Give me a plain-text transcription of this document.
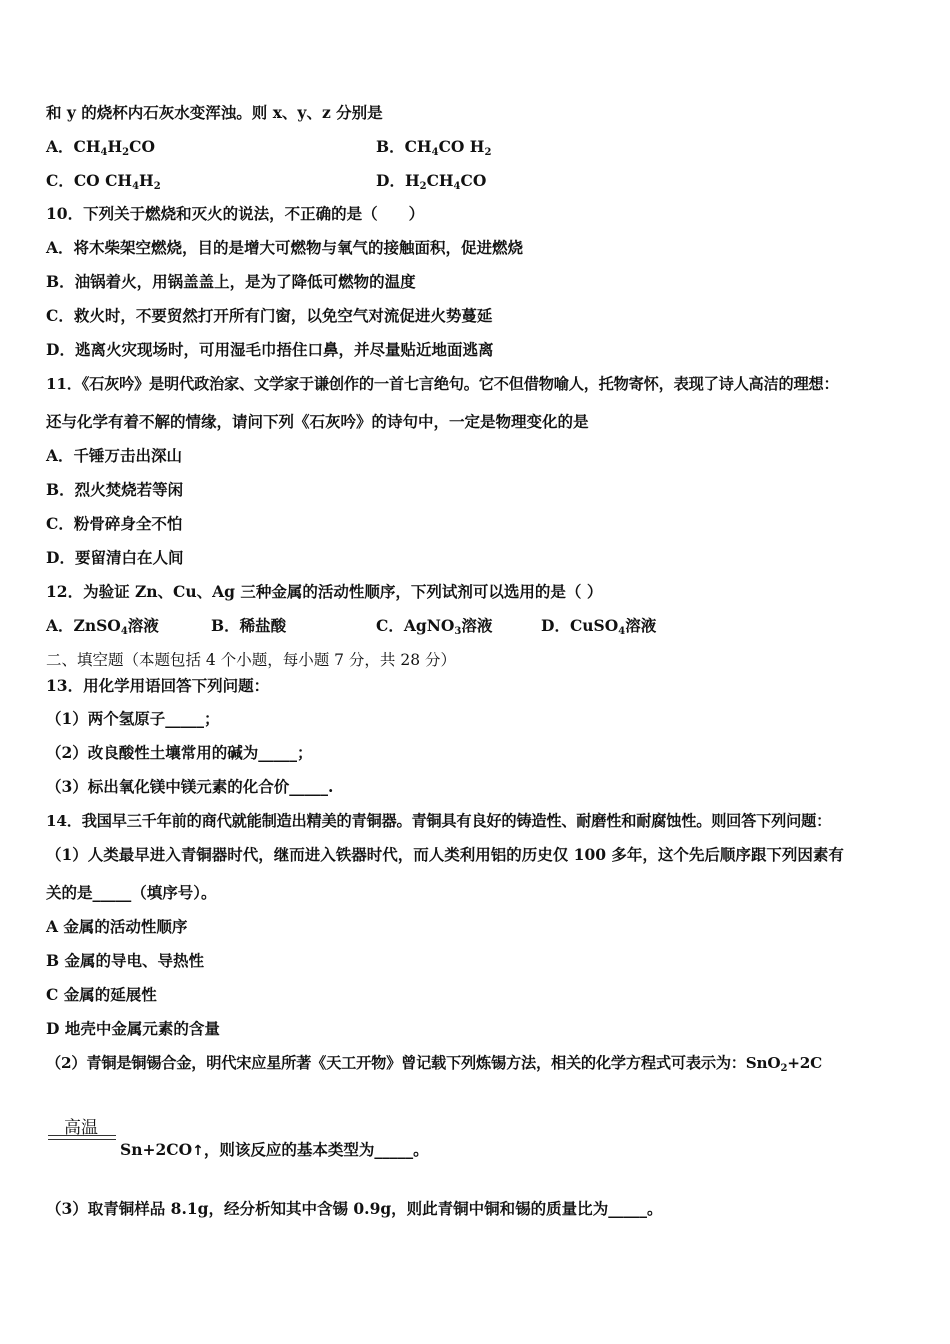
和 y 的烧杯内石灰水变浑浊。则 x、y、z 分别是
A．$CH_4H_2CO$	B．$CH_4CO$ $H_2$
C．CO $CH_4H_2$	D．$H_2CH_4CO$
10．下列关于燃烧和灭火的说法，不正确的是（　　）
A．将木柴架空燃烧，目的是增大可燃物与氧气的接触面积，促进燃烧
B．油锅着火，用锅盖盖上，是为了降低可燃物的温度
C．救火时，不要贸然打开所有门窗，以免空气对流促进火势蔓延
D．逃离火灾现场时，可用湿毛巾捂住口鼻，并尽量贴近地面逃离
11．《石灰吟》是明代政治家、文学家于谦创作的一首七言绝句。它不但借物喻人，托物寄怀，表现了诗人高洁的理想：
还与化学有着不解的情缘，请问下列《石灰吟》的诗句中，一定是物理变化的是
A．千锤万击出深山
B．烈火焚烧若等闲
C．粉骨碎身全不怕
D．要留清白在人间
12．为验证 Zn、Cu、Ag 三种金属的活动性顺序，下列试剂可以选用的是（ ）
A．ZnSO$_4$溶液	B．稀盐酸	C．AgNO$_3$溶液	D．CuSO$_4$溶液
二、填空题（本题包括 4 个小题，每小题 7 分，共 28 分）
13．用化学用语回答下列问题：
（1）两个氢原子_____；
（2）改良酸性土壤常用的碱为_____；
（3）标出氧化镁中镁元素的化合价_____.
14．我国早三千年前的商代就能制造出精美的青铜器。青铜具有良好的铸造性、耐磨性和耐腐蚀性。则回答下列问题：
（1）人类最早进入青铜器时代，继而进入铁器时代，而人类利用铝的历史仅 100 多年，这个先后顺序跟下列因素有
关的是_____（填序号）。
A 金属的活动性顺序
B 金属的导电、导热性
C 金属的延展性
D 地壳中金属元素的含量
（2）青铜是铜锡合金，明代宋应星所著《天工开物》曾记载下列炼锡方法，相关的化学方程式可表示为：SnO$_2$+2C
高温
Sn+2CO↑，则该反应的基本类型为_____。
（3）取青铜样品 8.1g，经分析知其中含锡 0.9g，则此青铜中铜和锡的质量比为_____。
